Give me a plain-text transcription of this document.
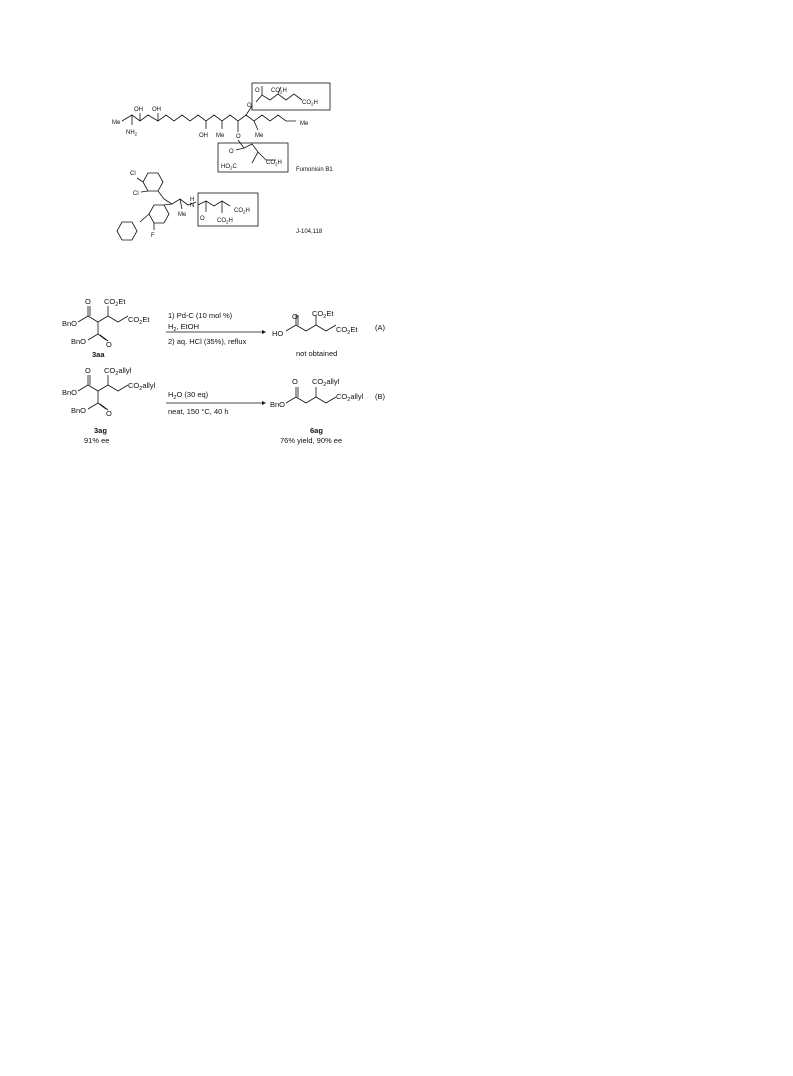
Me
$NH_2$
OH OH
OH Me O Me
Me
O
O $CO_2H$
$CO_2H$
O
$HO_2C$
$CO_2H$
Fumonisin B1
Cl
Cl
H
N
Me
O
F
$CO_2H$
$CO_2H$
J-104,118
O $CO_2Et$
$CO_2Et$
BnO
BnO	O
3aa
1) Pd-C (10 mol %)
$H_2$, EtOH
2) aq. HCl (35%), reflux
O $CO_2Et$
$CO_2Et$
HO
not obtained
(A)
O $CO_2allyl$
$CO_2allyl$
BnO
BnO	O
3ag
91% ee
$H_2O$ (30 eq)
neat, 150 °C, 40 h
O $CO_2allyl$
$CO_2allyl$
BnO
6ag
76% yield, 90% ee
(B)
